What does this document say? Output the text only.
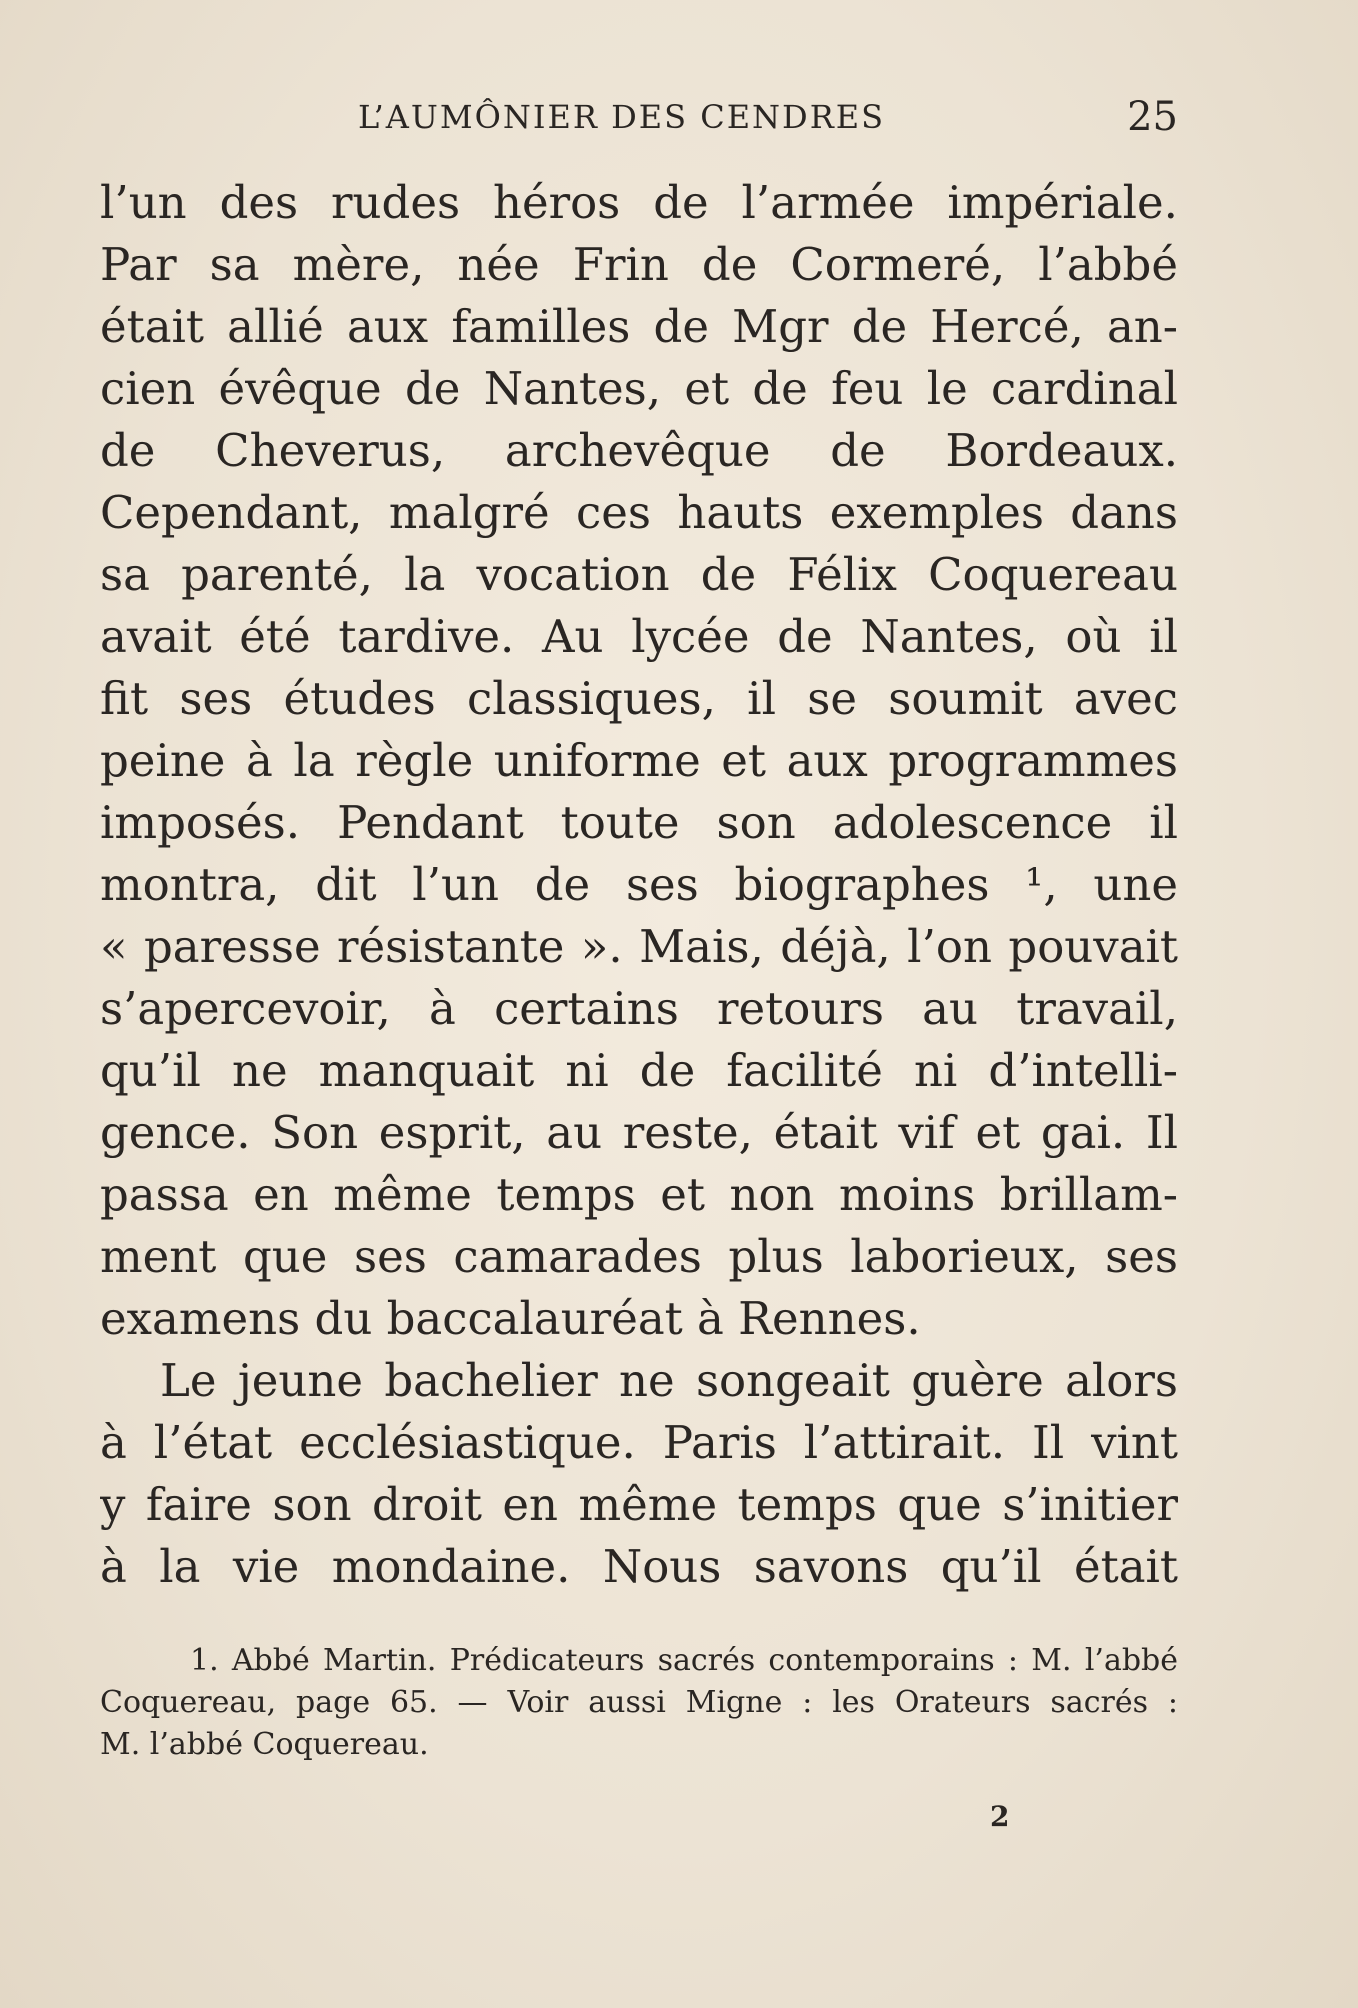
L’AUMÔNIER DES CENDRES	25
l’un des rudes héros de l’armée impériale.
Par sa mère, née Frin de Cormeré, l’abbé
était allié aux familles de Mgr de Hercé, an-
cien évêque de Nantes, et de feu le cardinal
de Cheverus, archevêque de Bordeaux.
Cependant, malgré ces hauts exemples dans
sa parenté, la vocation de Félix Coquereau
avait été tardive. Au lycée de Nantes, où il
fit ses études classiques, il se soumit avec
peine à la règle uniforme et aux programmes
imposés. Pendant toute son adolescence il
montra, dit l’un de ses biographes ¹, une
« paresse résistante ». Mais, déjà, l’on pouvait
s’apercevoir, à certains retours au travail,
qu’il ne manquait ni de facilité ni d’intelli-
gence. Son esprit, au reste, était vif et gai. Il
passa en même temps et non moins brillam-
ment que ses camarades plus laborieux, ses
examens du baccalauréat à Rennes.
Le jeune bachelier ne songeait guère alors
à l’état ecclésiastique. Paris l’attirait. Il vint
y faire son droit en même temps que s’initier
à la vie mondaine. Nous savons qu’il était
1. Abbé Martin. Prédicateurs sacrés contemporains : M. l’abbé
Coquereau, page 65. — Voir aussi Migne : les Orateurs sacrés :
M. l’abbé Coquereau.
2
